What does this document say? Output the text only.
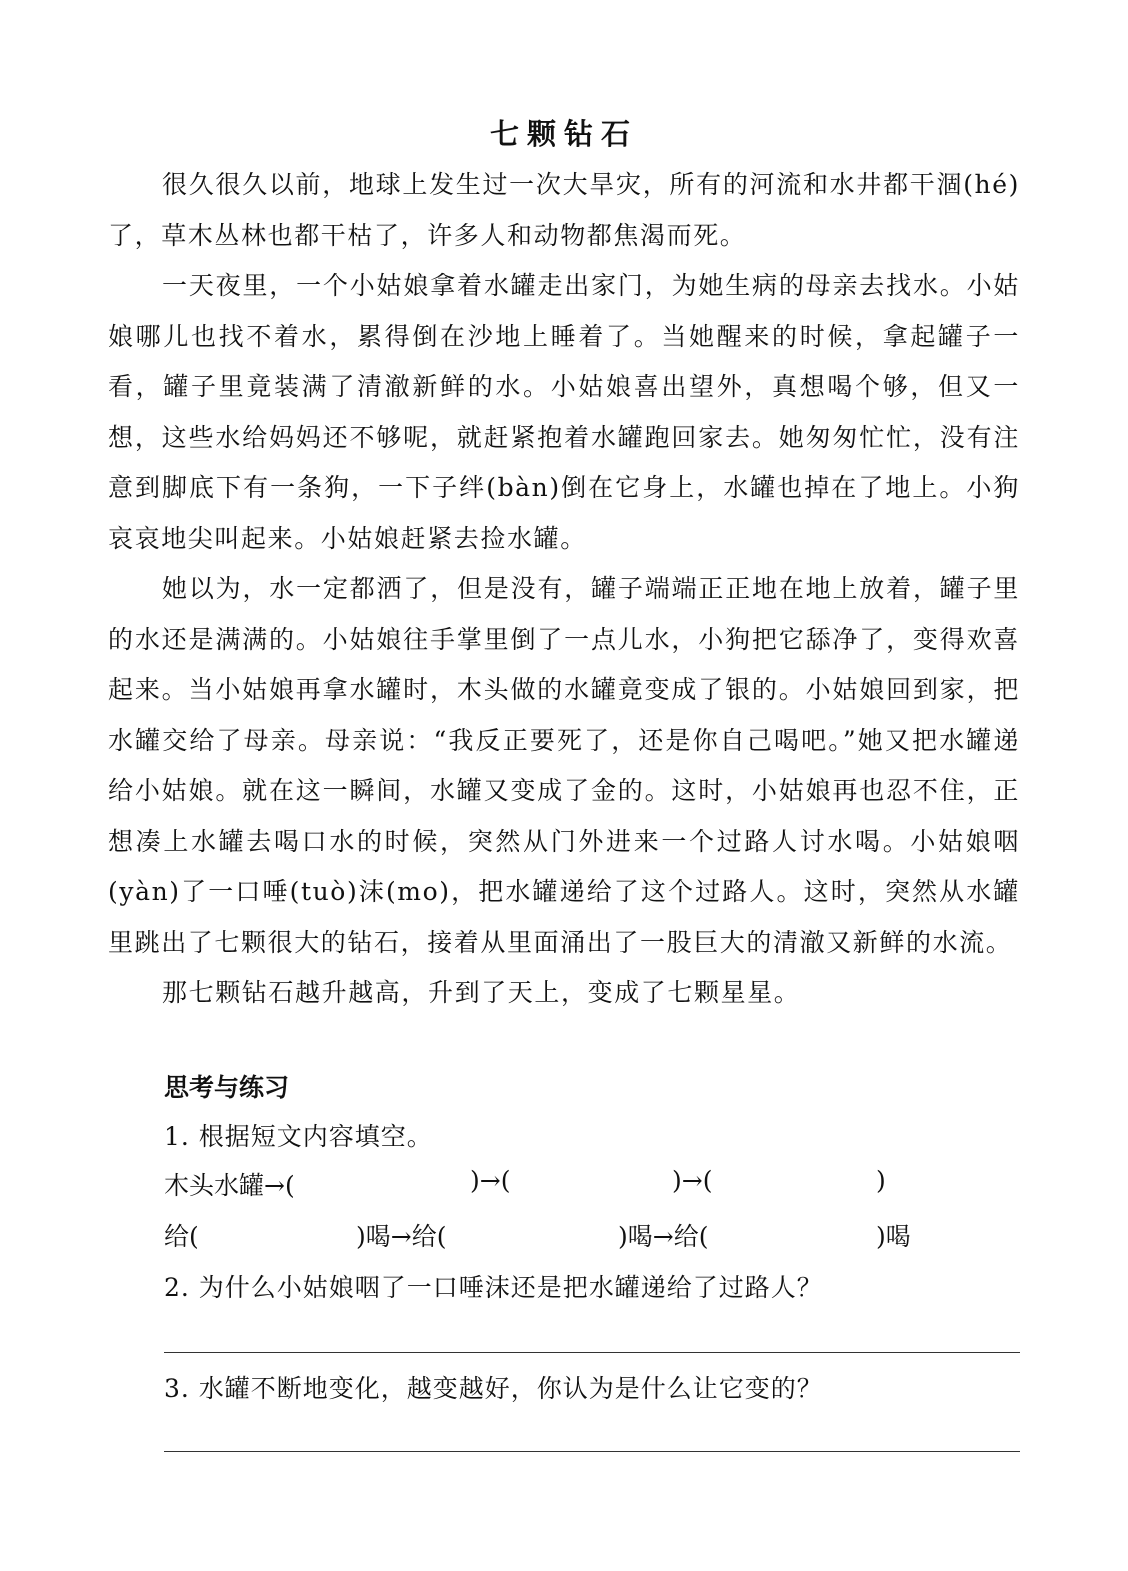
七颗钻石

很久很久以前，地球上发生过一次大旱灾，所有的河流和水井都干涸(hé)了，草木丛林也都干枯了，许多人和动物都焦渴而死。

一天夜里，一个小姑娘拿着水罐走出家门，为她生病的母亲去找水。小姑娘哪儿也找不着水，累得倒在沙地上睡着了。当她醒来的时候，拿起罐子一看，罐子里竟装满了清澈新鲜的水。小姑娘喜出望外，真想喝个够，但又一想，这些水给妈妈还不够呢，就赶紧抱着水罐跑回家去。她匆匆忙忙，没有注意到脚底下有一条狗，一下子绊(bàn)倒在它身上，水罐也掉在了地上。小狗哀哀地尖叫起来。小姑娘赶紧去捡水罐。

她以为，水一定都洒了，但是没有，罐子端端正正地在地上放着，罐子里的水还是满满的。小姑娘往手掌里倒了一点儿水，小狗把它舔净了，变得欢喜起来。当小姑娘再拿水罐时，木头做的水罐竟变成了银的。小姑娘回到家，把水罐交给了母亲。母亲说：“我反正要死了，还是你自己喝吧。”她又把水罐递给小姑娘。就在这一瞬间，水罐又变成了金的。这时，小姑娘再也忍不住，正想凑上水罐去喝口水的时候，突然从门外进来一个过路人讨水喝。小姑娘咽(yàn)了一口唾(tuò)沫(mo)，把水罐递给了这个过路人。这时，突然从水罐里跳出了七颗很大的钻石，接着从里面涌出了一股巨大的清澈又新鲜的水流。

那七颗钻石越升越高，升到了天上，变成了七颗星星。

思考与练习
1. 根据短文内容填空。
木头水罐→(	)→(	)→(	)
给(	)喝→给(	)喝→给(	)喝
2. 为什么小姑娘咽了一口唾沫还是把水罐递给了过路人？
3. 水罐不断地变化，越变越好，你认为是什么让它变的？
